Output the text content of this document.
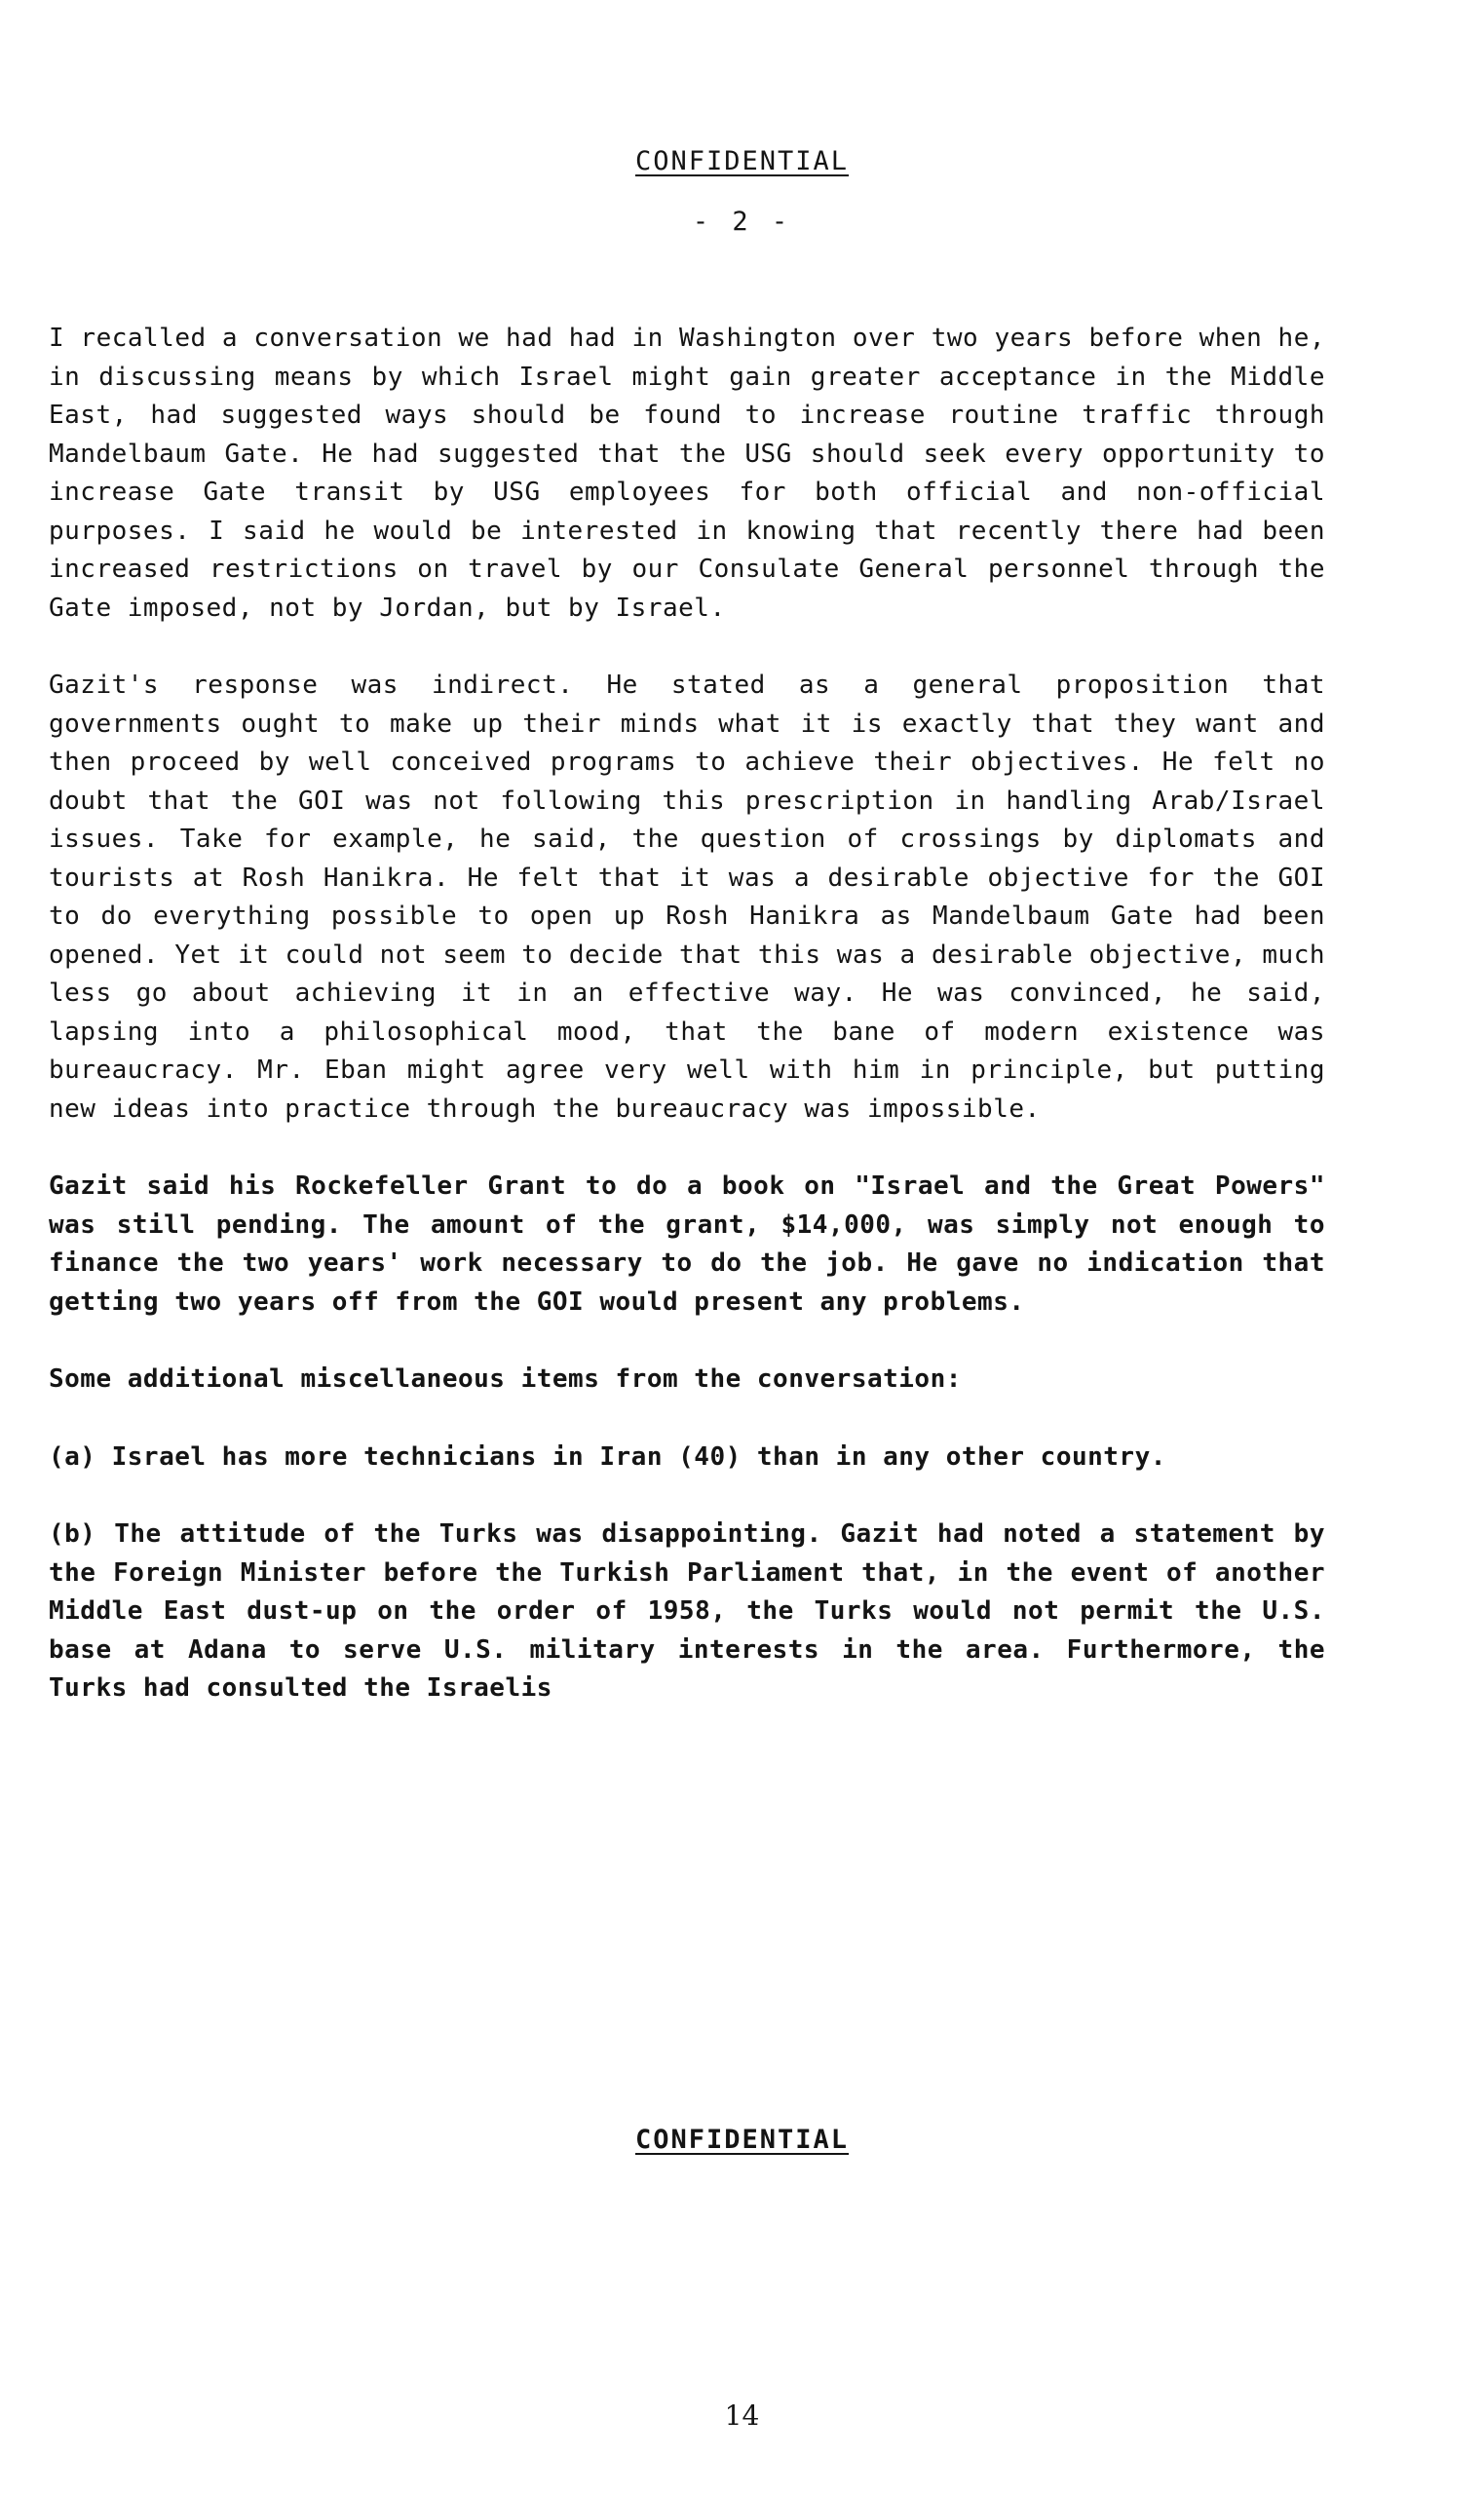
CONFIDENTIAL
- 2 -

I recalled a conversation we had had in Washington over two years before when he, in discussing means by which Israel might gain greater acceptance in the Middle East, had suggested ways should be found to increase routine traffic through Mandelbaum Gate. He had suggested that the USG should seek every opportunity to increase Gate transit by USG employees for both official and non-official purposes. I said he would be interested in knowing that recently there had been increased restrictions on travel by our Consulate General personnel through the Gate imposed, not by Jordan, but by Israel.

Gazit's response was indirect. He stated as a general proposition that governments ought to make up their minds what it is exactly that they want and then proceed by well conceived programs to achieve their objectives. He felt no doubt that the GOI was not following this prescription in handling Arab/Israel issues. Take for example, he said, the question of crossings by diplomats and tourists at Rosh Hanikra. He felt that it was a desirable objective for the GOI to do everything possible to open up Rosh Hanikra as Mandelbaum Gate had been opened. Yet it could not seem to decide that this was a desirable objective, much less go about achieving it in an effective way. He was convinced, he said, lapsing into a philosophical mood, that the bane of modern existence was bureaucracy. Mr. Eban might agree very well with him in principle, but putting new ideas into practice through the bureaucracy was impossible.

Gazit said his Rockefeller Grant to do a book on "Israel and the Great Powers" was still pending. The amount of the grant, $14,000, was simply not enough to finance the two years' work necessary to do the job. He gave no indication that getting two years off from the GOI would present any problems.

Some additional miscellaneous items from the conversation:

(a) Israel has more technicians in Iran (40) than in any other country.

(b) The attitude of the Turks was disappointing. Gazit had noted a statement by the Foreign Minister before the Turkish Parliament that, in the event of another Middle East dust-up on the order of 1958, the Turks would not permit the U.S. base at Adana to serve U.S. military interests in the area. Furthermore, the Turks had consulted the Israelis

CONFIDENTIAL
14
